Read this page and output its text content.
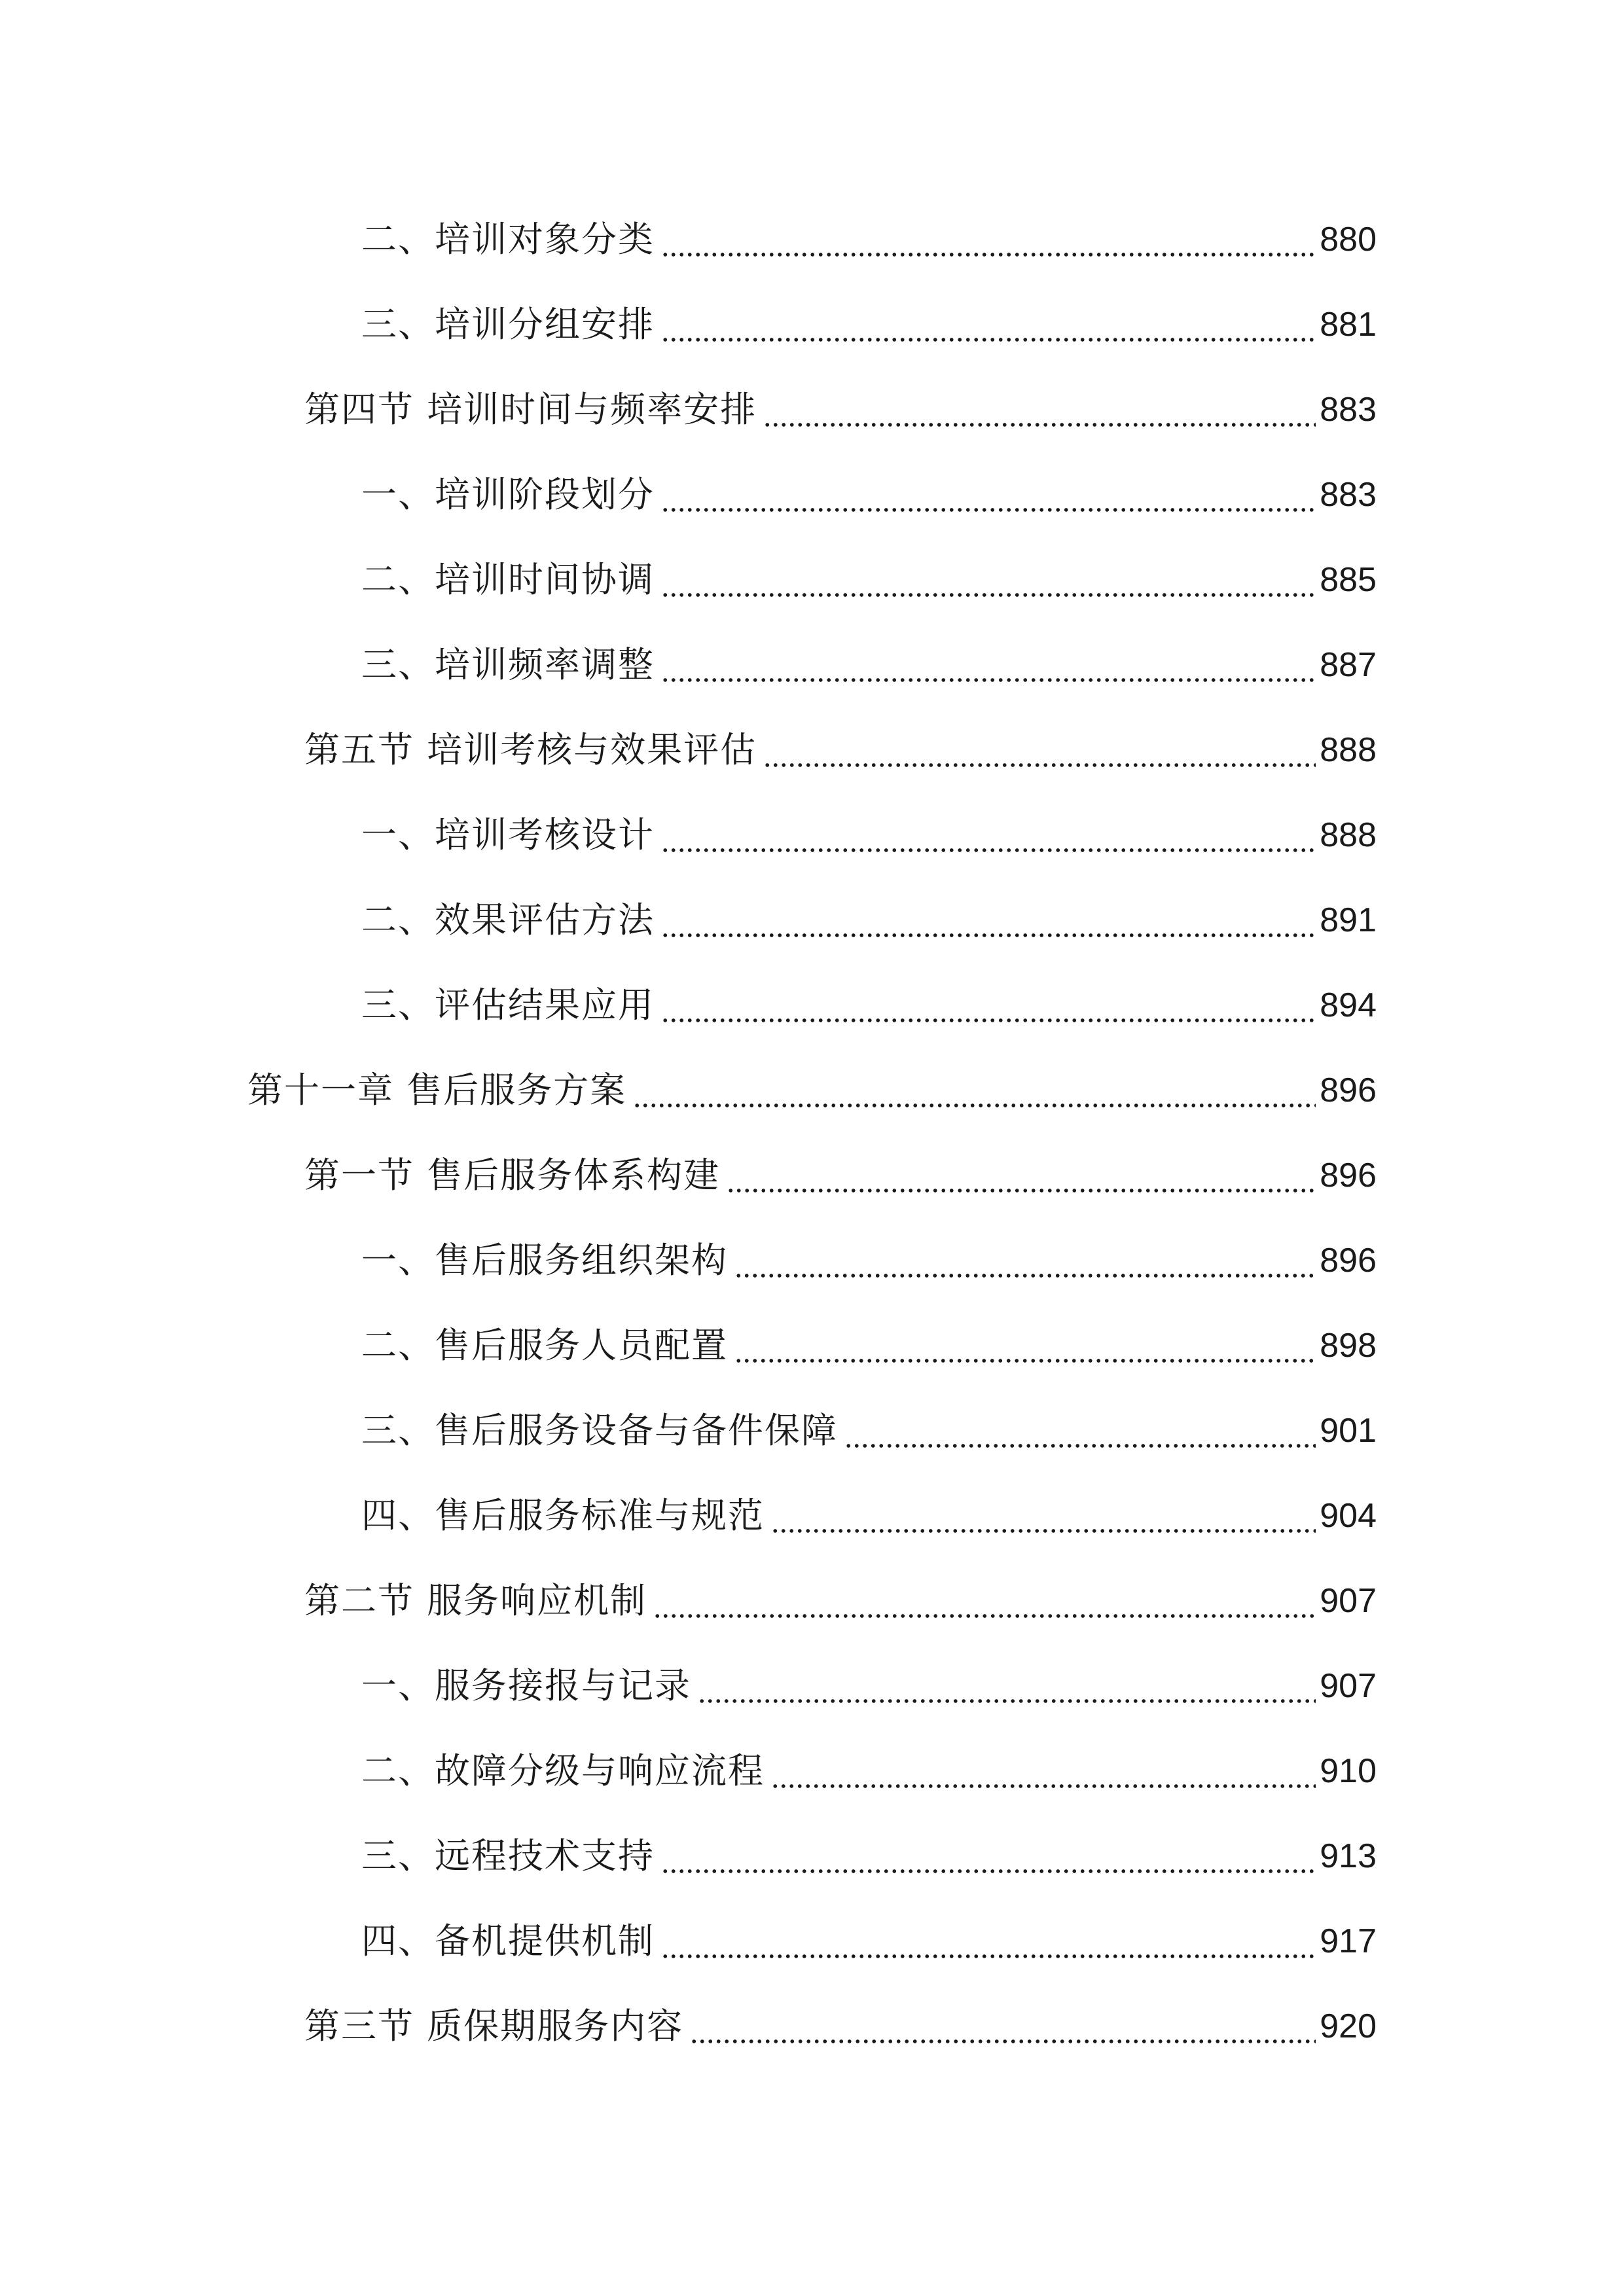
二、培训对象分类	880
三、培训分组安排	881
第四节 培训时间与频率安排	883
一、培训阶段划分	883
二、培训时间协调	885
三、培训频率调整	887
第五节 培训考核与效果评估	888
一、培训考核设计	888
二、效果评估方法	891
三、评估结果应用	894
第十一章 售后服务方案	896
第一节 售后服务体系构建	896
一、售后服务组织架构	896
二、售后服务人员配置	898
三、售后服务设备与备件保障	901
四、售后服务标准与规范	904
第二节 服务响应机制	907
一、服务接报与记录	907
二、故障分级与响应流程	910
三、远程技术支持	913
四、备机提供机制	917
第三节 质保期服务内容	920
